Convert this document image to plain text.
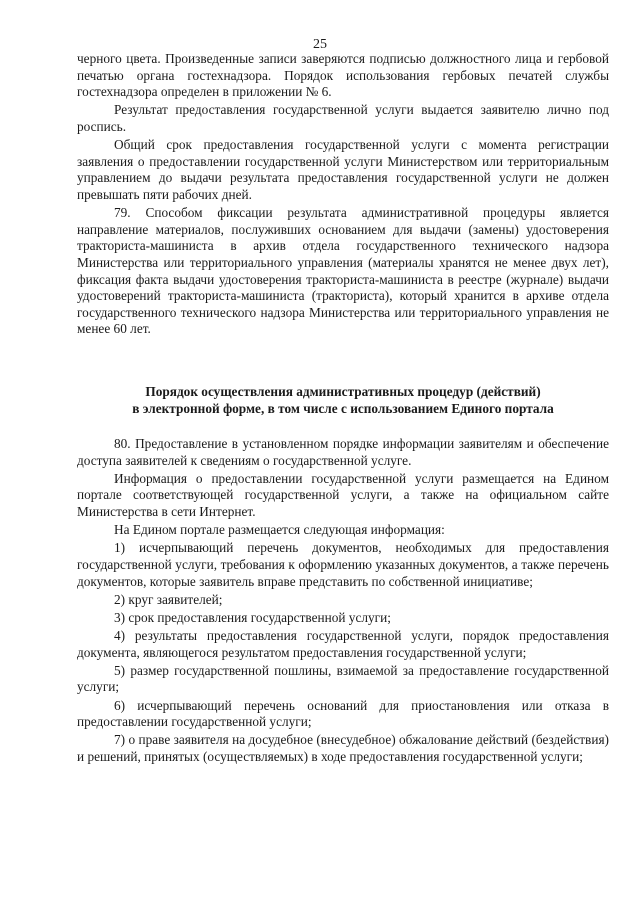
25

черного цвета. Произведенные записи заверяются подписью должностного лица и гербовой печатью органа гостехнадзора. Порядок использования гербовых печатей службы гостехнадзора определен в приложении № 6.

Результат предоставления государственной услуги выдается заявителю лично под роспись.

Общий срок предоставления государственной услуги с момента регистрации заявления о предоставлении государственной услуги Министерством или территориальным управлением до выдачи результата предоставления государственной услуги не должен превышать пяти рабочих дней.

79. Способом фиксации результата административной процедуры является направление материалов, послуживших основанием для выдачи (замены) удостоверения тракториста-машиниста в архив отдела государственного технического надзора Министерства или территориального управления (материалы хранятся не менее двух лет), фиксация факта выдачи удостоверения тракториста-машиниста в реестре (журнале) выдачи удостоверений тракториста-машиниста (тракториста), который хранится в архиве отдела государственного технического надзора Министерства или территориального управления не менее 60 лет.

Порядок осуществления административных процедур (действий)
в электронной форме, в том числе с использованием Единого портала

80. Предоставление в установленном порядке информации заявителям и обеспечение доступа заявителей к сведениям о государственной услуге.

Информация о предоставлении государственной услуги размещается на Едином портале соответствующей государственной услуги, а также на официальном сайте Министерства в сети Интернет.

На Едином портале размещается следующая информация:

1) исчерпывающий перечень документов, необходимых для предоставления государственной услуги, требования к оформлению указанных документов, а также перечень документов, которые заявитель вправе представить по собственной инициативе;

2) круг заявителей;

3) срок предоставления государственной услуги;

4) результаты предоставления государственной услуги, порядок предоставления документа, являющегося результатом предоставления государственной услуги;

5) размер государственной пошлины, взимаемой за предоставление государственной услуги;

6) исчерпывающий перечень оснований для приостановления или отказа в предоставлении государственной услуги;

7) о праве заявителя на досудебное (внесудебное) обжалование действий (бездействия) и решений, принятых (осуществляемых) в ходе предоставления государственной услуги;
